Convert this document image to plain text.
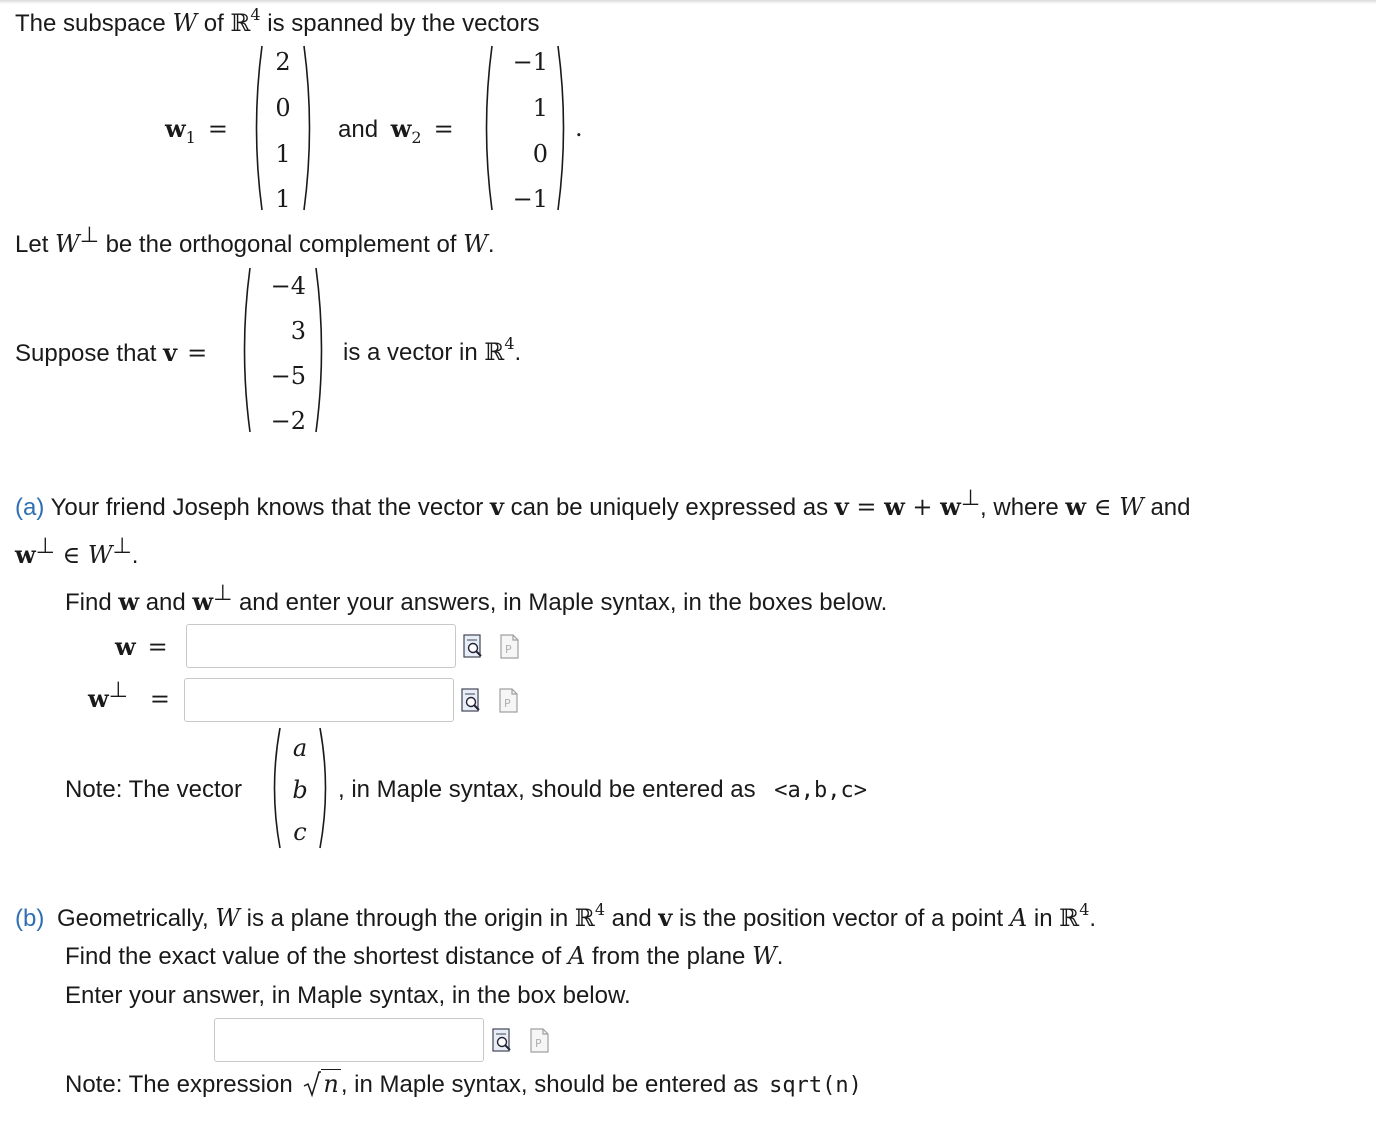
The subspace W of ℝ$^4$ is spanned by the vectors
$w_1$ =
2
0
1
1
and $w_2$ =
−1
1
0
−1
.
Let W⊥ be the orthogonal complement of W.
Suppose that v =
−4
3
−5
−2
is a vector in ℝ$^4$.
(a) Your friend Joseph knows that the vector v can be uniquely expressed as v = w + w⊥, where w ∈ W and
w⊥ ∈ W⊥.
Find w and w⊥ and enter your answers, in Maple syntax, in the boxes below.
w =	P
w⊥ =	P
Note: The vector
a
b
c
, in Maple syntax, should be entered as <a,b,c>
(b) Geometrically, W is a plane through the origin in ℝ$^4$ and v is the position vector of a point A in ℝ$^4$.
Find the exact value of the shortest distance of A from the plane W.
Enter your answer, in Maple syntax, in the box below.
P
Note: The expression n, in Maple syntax, should be entered as sqrt(n)
